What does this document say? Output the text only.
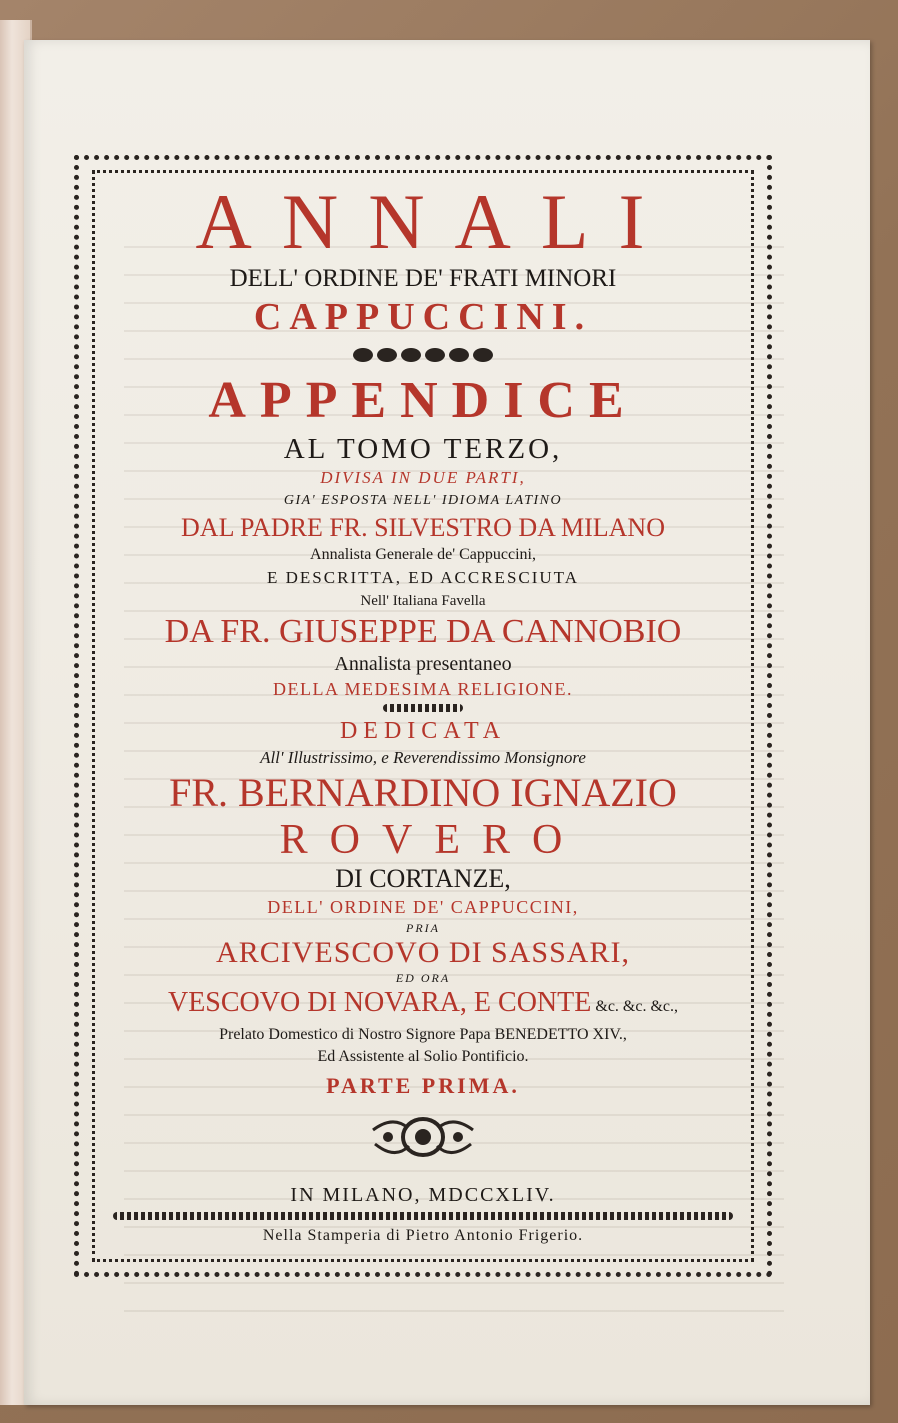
ANNALI
DELL' ORDINE DE' FRATI MINORI
CAPPUCCINI.
APPENDICE
AL TOMO TERZO,
DIVISA IN DUE PARTI,
GIA' ESPOSTA NELL' IDIOMA LATINO
DAL PADRE FR. SILVESTRO DA MILANO
Annalista Generale de' Cappuccini,
E DESCRITTA, ED ACCRESCIUTA
Nell' Italiana Favella
DA FR. GIUSEPPE DA CANNOBIO
Annalista presentaneo
DELLA MEDESIMA RELIGIONE.
DEDICATA
All' Illustrissimo, e Reverendissimo Monsignore
FR. BERNARDINO IGNAZIO
ROVERO
DI CORTANZE,
DELL' ORDINE DE' CAPPUCCINI,
PRIA
ARCIVESCOVO DI SASSARI,
ED ORA
VESCOVO DI NOVARA, E CONTE &c. &c. &c.,
Prelato Domestico di Nostro Signore Papa BENEDETTO XIV.,
Ed Assistente al Solio Pontificio.
PARTE PRIMA.
IN MILANO, MDCCXLIV.
Nella Stamperia di Pietro Antonio Frigerio.
